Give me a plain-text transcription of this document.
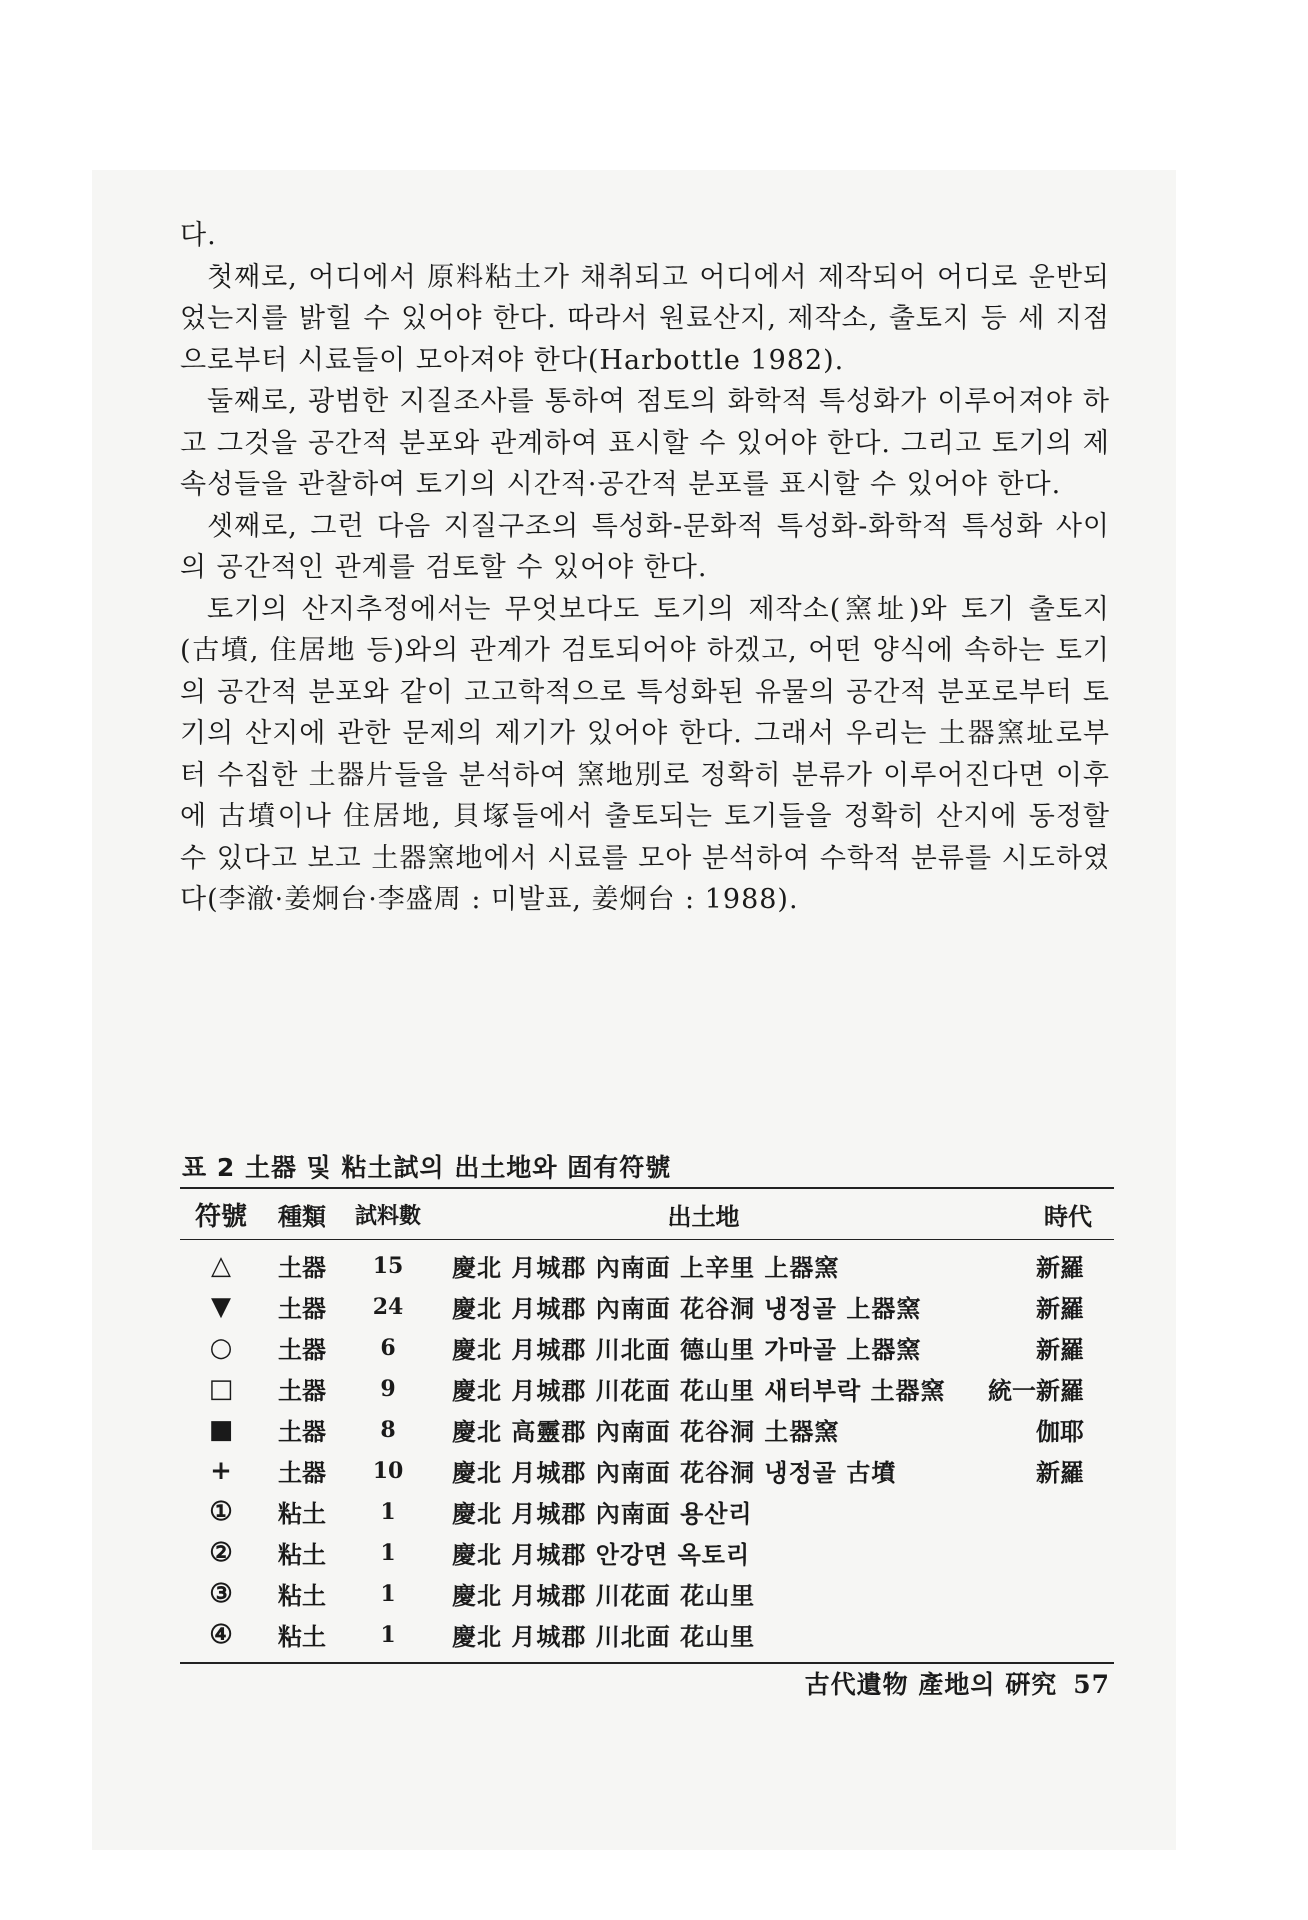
다.

첫째로, 어디에서 原料粘土가 채취되고 어디에서 제작되어 어디로 운반되었는지를 밝힐 수 있어야 한다. 따라서 원료산지, 제작소, 출토지 등 세 지점으로부터 시료들이 모아져야 한다(Harbottle 1982).

둘째로, 광범한 지질조사를 통하여 점토의 화학적 특성화가 이루어져야 하고 그것을 공간적 분포와 관계하여 표시할 수 있어야 한다. 그리고 토기의 제속성들을 관찰하여 토기의 시간적·공간적 분포를 표시할 수 있어야 한다.

셋째로, 그런 다음 지질구조의 특성화-문화적 특성화-화학적 특성화 사이의 공간적인 관계를 검토할 수 있어야 한다.

토기의 산지추정에서는 무엇보다도 토기의 제작소(窯址)와 토기 출토지(古墳, 住居地 등)와의 관계가 검토되어야 하겠고, 어떤 양식에 속하는 토기의 공간적 분포와 같이 고고학적으로 특성화된 유물의 공간적 분포로부터 토기의 산지에 관한 문제의 제기가 있어야 한다. 그래서 우리는 土器窯址로부터 수집한 土器片들을 분석하여 窯地別로 정확히 분류가 이루어진다면 이후에 古墳이나 住居地, 貝塚들에서 출토되는 토기들을 정확히 산지에 동정할 수 있다고 보고 土器窯地에서 시료를 모아 분석하여 수학적 분류를 시도하였다(李澈·姜炯台·李盛周 : 미발표, 姜炯台 : 1988).

표 2 土器 및 粘土試의 出土地와 固有符號
符號	種類	試料數	出土地	時代
△	土器	15	慶北 月城郡 內南面 上辛里 上器窯	新羅
▼	土器	24	慶北 月城郡 內南面 花谷洞 냉정골 上器窯	新羅
○	土器	6	慶北 月城郡 川北面 德山里 가마골 上器窯	新羅
□	土器	9	慶北 月城郡 川花面 花山里 새터부락 土器窯	統一新羅
■	土器	8	慶北 高靈郡 內南面 花谷洞 土器窯	伽耶
+	土器	10	慶北 月城郡 內南面 花谷洞 냉정골 古墳	新羅
①	粘土	1	慶北 月城郡 內南面 용산리	
②	粘土	1	慶北 月城郡 안강면 옥토리	
③	粘土	1	慶北 月城郡 川花面 花山里	
④	粘土	1	慶北 月城郡 川北面 花山里	
古代遺物 產地의 硏究 57
